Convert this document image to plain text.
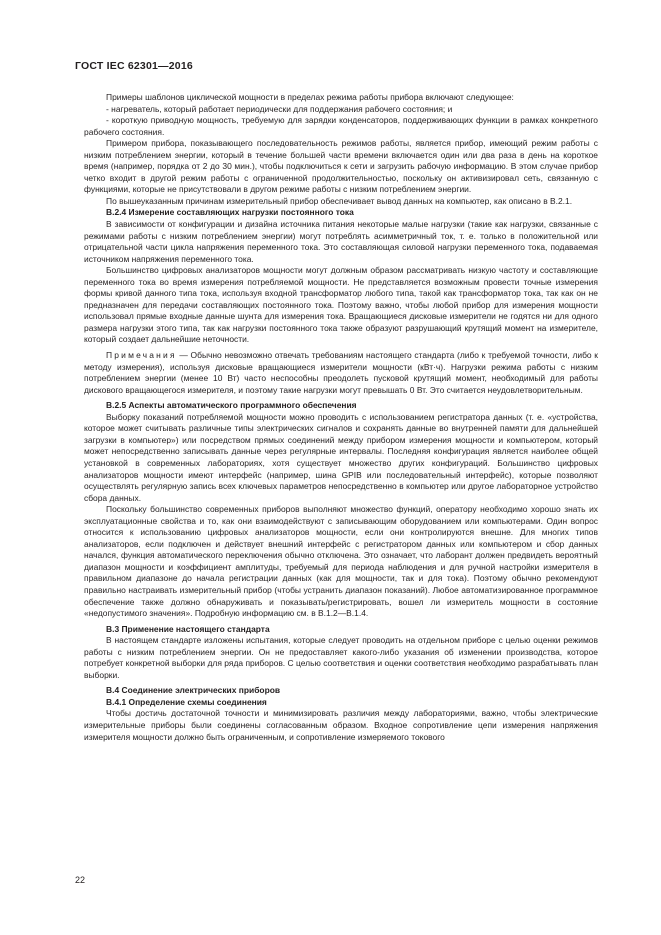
ГОСТ IEC 62301—2016

Примеры шаблонов циклической мощности в пределах режима работы прибора включают следующее:

- нагреватель, который работает периодически для поддержания рабочего состояния; и

- короткую приводную мощность, требуемую для зарядки конденсаторов, поддерживающих функции в рамках конкретного рабочего состояния.

Примером прибора, показывающего последовательность режимов работы, является прибор, имеющий режим работы с низким потреблением энергии, который в течение большей части времени включается один или два раза в день на короткое время (например, порядка от 2 до 30 мин.), чтобы подключиться к сети и загрузить рабочую информацию. В этом случае прибор четко входит в другой режим работы с ограниченной продолжительностью, поскольку он активизировал сеть, связанную с функциями, которые не присутствовали в другом режиме работы с низким потреблением энергии.

По вышеуказанным причинам измерительный прибор обеспечивает вывод данных на компьютер, как описано в В.2.1.

В.2.4 Измерение составляющих нагрузки постоянного тока

В зависимости от конфигурации и дизайна источника питания некоторые малые нагрузки (такие как нагрузки, связанные с режимами работы с низким потреблением энергии) могут потреблять асимметричный ток, т. е. только в положительной или отрицательной части цикла напряжения переменного тока. Это составляющая силовой нагрузки переменного тока, подаваемая источником напряжения переменного тока.

Большинство цифровых анализаторов мощности могут должным образом рассматривать низкую частоту и составляющие переменного тока во время измерения потребляемой мощности. Не представляется возможным провести точные измерения формы кривой данного типа тока, используя входной трансформатор любого типа, такой как трансформатор тока, так как он не предназначен для передачи составляющих постоянного тока. Поэтому важно, чтобы любой прибор для измерения мощности использовал прямые входные данные шунта для измерения тока. Вращающиеся дисковые измерители не годятся ни для одного размера нагрузки этого типа, так как нагрузки постоянного тока также образуют разрушающий крутящий момент на измерителе, который создает дальнейшие неточности.

Примечания — Обычно невозможно отвечать требованиям настоящего стандарта (либо к требуемой точности, либо к методу измерения), используя дисковые вращающиеся измерители мощности (кВт·ч). Нагрузки режима работы с низким потреблением энергии (менее 10 Вт) часто неспособны преодолеть пусковой крутящий момент, необходимый для работы дискового вращающегося измерителя, и поэтому такие нагрузки могут превышать 0 Вт. Это считается неудовлетворительным.

В.2.5 Аспекты автоматического программного обеспечения

Выборку показаний потребляемой мощности можно проводить с использованием регистратора данных (т. е. «устройства, которое может считывать различные типы электрических сигналов и сохранять данные во внутренней памяти для дальнейшей загрузки в компьютер») или посредством прямых соединений между прибором измерения мощности и компьютером, который может непосредственно записывать данные через регулярные интервалы. Последняя конфигурация является наиболее общей установкой в современных лабораториях, хотя существует множество других конфигураций. Большинство цифровых анализаторов мощности имеют интерфейс (например, шина GPIB или последовательный интерфейс), которые позволяют осуществлять регулярную запись всех ключевых параметров непосредственно в компьютер или другое лабораторное устройство сбора данных.

Поскольку большинство современных приборов выполняют множество функций, оператору необходимо хорошо знать их эксплуатационные свойства и то, как они взаимодействуют с записывающим оборудованием или компьютерами. Один вопрос относится к использованию цифровых анализаторов мощности, если они контролируются внешне. Для многих типов анализаторов, если подключен и действует внешний интерфейс с регистратором данных или компьютером и сбор данных начался, функция автоматического переключения обычно отключена. Это означает, что лаборант должен предвидеть вероятный диапазон мощности и коэффициент амплитуды, требуемый для периода наблюдения и для ручной настройки измерителя в правильном диапазоне до начала регистрации данных (как для мощности, так и для тока). Поэтому обычно рекомендуют правильно настраивать измерительный прибор (чтобы устранить диапазон показаний). Любое автоматизированное программное обеспечение также должно обнаруживать и показывать/регистрировать, вошел ли измеритель мощности в состояние «недопустимого значения». Подробную информацию см. в В.1.2—В.1.4.

В.3 Применение настоящего стандарта

В настоящем стандарте изложены испытания, которые следует проводить на отдельном приборе с целью оценки режимов работы с низким потреблением энергии. Он не предоставляет какого-либо указания об изменении производства, которое потребует конкретной выборки для ряда приборов. С целью соответствия и оценки соответствия необходимо разрабатывать план выборки.

В.4 Соединение электрических приборов

В.4.1 Определение схемы соединения

Чтобы достичь достаточной точности и минимизировать различия между лабораториями, важно, чтобы электрические измерительные приборы были соединены согласованным образом. Входное сопротивление цепи измерения напряжения измерителя мощности должно быть ограниченным, и сопротивление измеряемого токового

22
